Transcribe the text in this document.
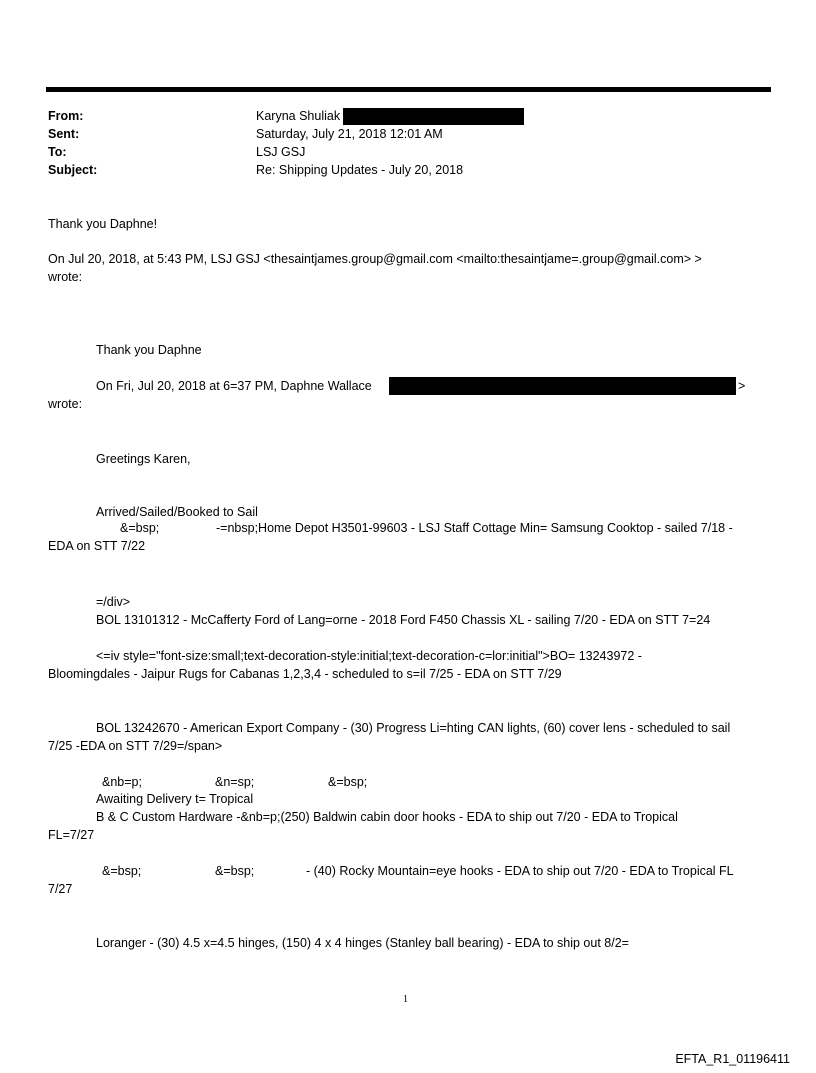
From:	Karyna Shuliak
Sent:	Saturday, July 21, 2018 12:01 AM
To:	LSJ GSJ
Subject:	Re: Shipping Updates - July 20, 2018
Thank you Daphne!
On Jul 20, 2018, at 5:43 PM, LSJ GSJ <thesaintjames.group@gmail.com <mailto:thesaintjame=.group@gmail.com> >
wrote:
Thank you Daphne
On Fri, Jul 20, 2018 at 6=37 PM, Daphne Wallace	>
wrote:
Greetings Karen,
Arrived/Sailed/Booked to Sail
&=bsp;	-=nbsp;Home Depot H3501-99603 - LSJ Staff Cottage Min= Samsung Cooktop - sailed 7/18 -
EDA on STT 7/22
=/div>
BOL 13101312 - McCafferty Ford of Lang=orne - 2018 Ford F450 Chassis XL - sailing 7/20 - EDA on STT 7=24
<=iv style="font-size:small;text-decoration-style:initial;text-decoration-c=lor:initial">BO= 13243972 -
Bloomingdales - Jaipur Rugs for Cabanas 1,2,3,4 - scheduled to s=il 7/25 - EDA on STT 7/29
BOL 13242670 - American Export Company - (30) Progress Li=hting CAN lights, (60) cover lens - scheduled to sail
7/25 -EDA on STT 7/29=/span>
&nb=p;	&n=sp;	&=bsp;
Awaiting Delivery t= Tropical
B & C Custom Hardware -&nb=p;(250) Baldwin cabin door hooks - EDA to ship out 7/20 - EDA to Tropical
FL=7/27
&=bsp;	&=bsp;	- (40) Rocky Mountain=eye hooks - EDA to ship out 7/20 - EDA to Tropical FL
7/27
Loranger - (30) 4.5 x=4.5 hinges, (150) 4 x 4 hinges (Stanley ball bearing) - EDA to ship out 8/2=
1
EFTA_R1_01196411
